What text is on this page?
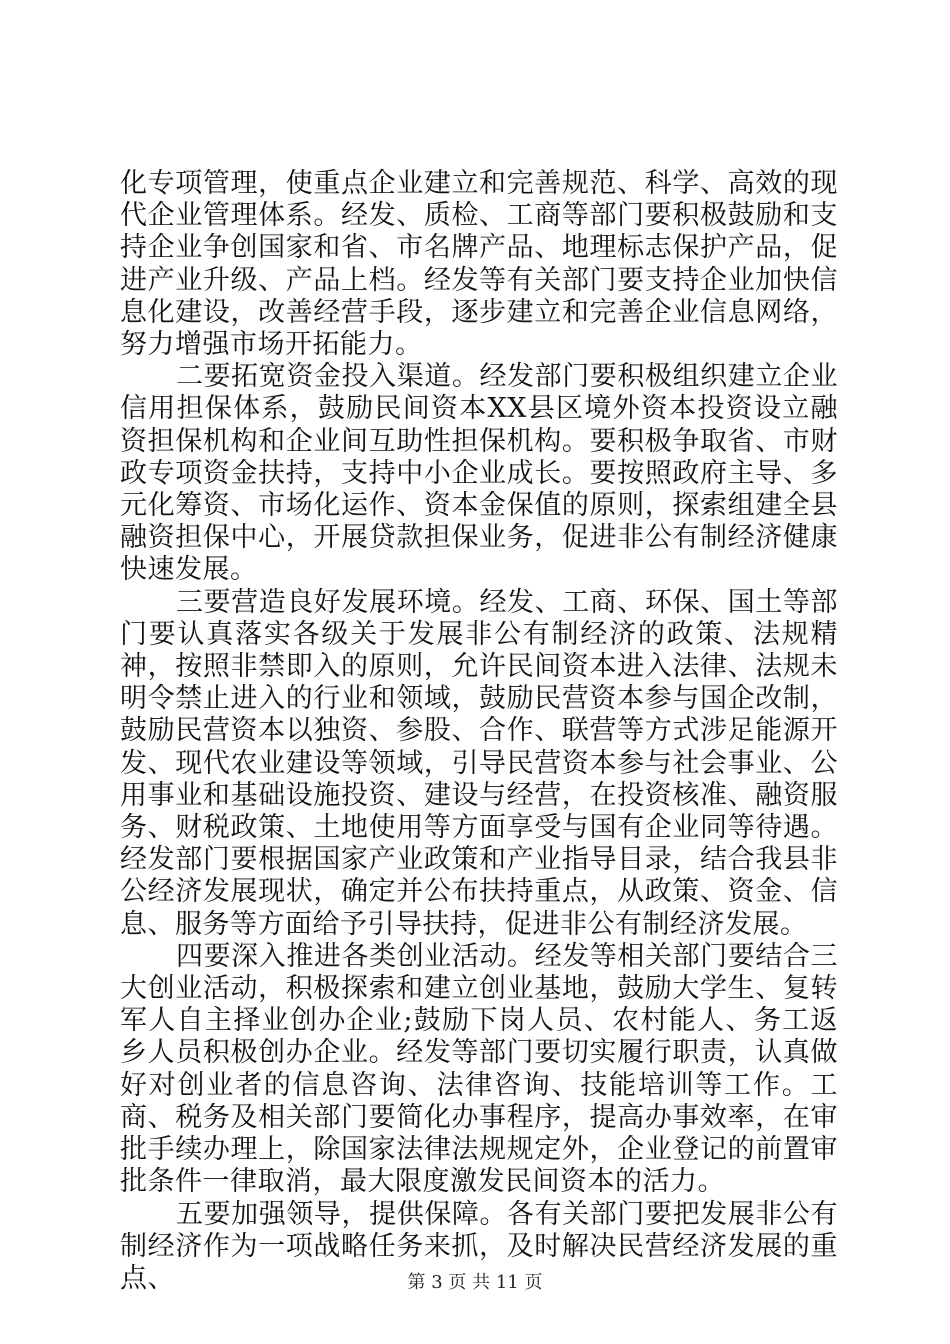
化专项管理，使重点企业建立和完善规范、科学、高效的现代企业管理体系。经发、质检、工商等部门要积极鼓励和支持企业争创国家和省、市名牌产品、地理标志保护产品，促进产业升级、产品上档。经发等有关部门要支持企业加快信息化建设，改善经营手段，逐步建立和完善企业信息网络，努力增强市场开拓能力。

二要拓宽资金投入渠道。经发部门要积极组织建立企业信用担保体系，鼓励民间资本XX县区境外资本投资设立融资担保机构和企业间互助性担保机构。要积极争取省、市财政专项资金扶持，支持中小企业成长。要按照政府主导、多元化筹资、市场化运作、资本金保值的原则，探索组建全县融资担保中心，开展贷款担保业务，促进非公有制经济健康快速发展。

三要营造良好发展环境。经发、工商、环保、国土等部门要认真落实各级关于发展非公有制经济的政策、法规精神，按照非禁即入的原则，允许民间资本进入法律、法规未明令禁止进入的行业和领域，鼓励民营资本参与国企改制，鼓励民营资本以独资、参股、合作、联营等方式涉足能源开发、现代农业建设等领域，引导民营资本参与社会事业、公用事业和基础设施投资、建设与经营，在投资核准、融资服务、财税政策、土地使用等方面享受与国有企业同等待遇。经发部门要根据国家产业政策和产业指导目录，结合我县非公经济发展现状，确定并公布扶持重点，从政策、资金、信息、服务等方面给予引导扶持，促进非公有制经济发展。

四要深入推进各类创业活动。经发等相关部门要结合三大创业活动，积极探索和建立创业基地，鼓励大学生、复转军人自主择业创办企业;鼓励下岗人员、农村能人、务工返乡人员积极创办企业。经发等部门要切实履行职责，认真做好对创业者的信息咨询、法律咨询、技能培训等工作。工商、税务及相关部门要简化办事程序，提高办事效率，在审批手续办理上，除国家法律法规规定外，企业登记的前置审批条件一律取消，最大限度激发民间资本的活力。

五要加强领导，提供保障。各有关部门要把发展非公有制经济作为一项战略任务来抓，及时解决民营经济发展的重点、	第 3 页 共 11 页
